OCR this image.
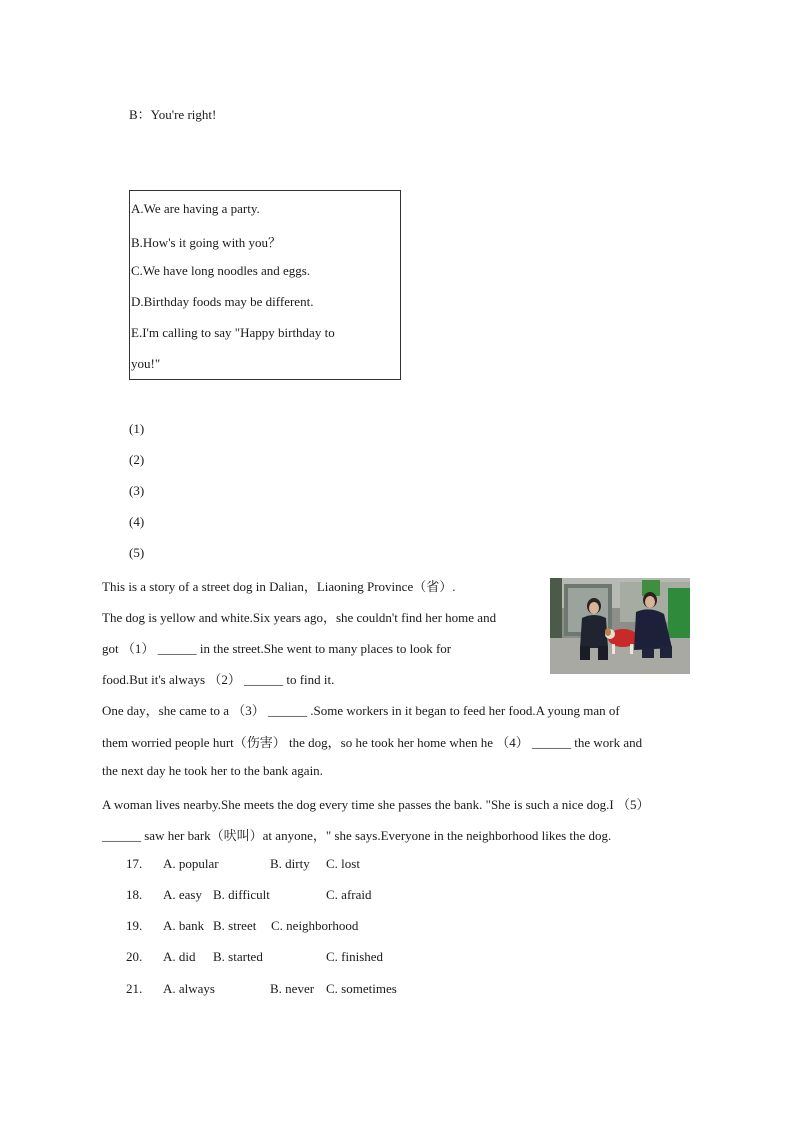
B：You're right!
A.We are having a party.
B.How's it going with you？
C.We have long noodles and eggs.
D.Birthday foods may be different.
E.I'm calling to say "Happy birthday to
you!"
(1)
(2)
(3)
(4)
(5)
This is a story of a street dog in Dalian，Liaoning Province（省）.
The dog is yellow and white.Six years ago，she couldn't find her home and
got （1） ______ in the street.She went to many places to look for
food.But it's always （2） ______ to find it.
One day，she came to a （3） ______ .Some workers in it began to feed her food.A young man of
them worried people hurt（伤害） the dog，so he took her home when he （4） ______ the work and
the next day he took her to the bank again.
A woman lives nearby.She meets the dog every time she passes the bank. "She is such a nice dog.I （5）
______ saw her bark（吠叫）at anyone，" she says.Everyone in the neighborhood likes the dog.
17. A. popular	B. dirty C. lost
18. A. easy B. difficult	C. afraid
19. A. bank B. street C. neighborhood
20. A. did B. started	C. finished
21. A. always	B. never C. sometimes
